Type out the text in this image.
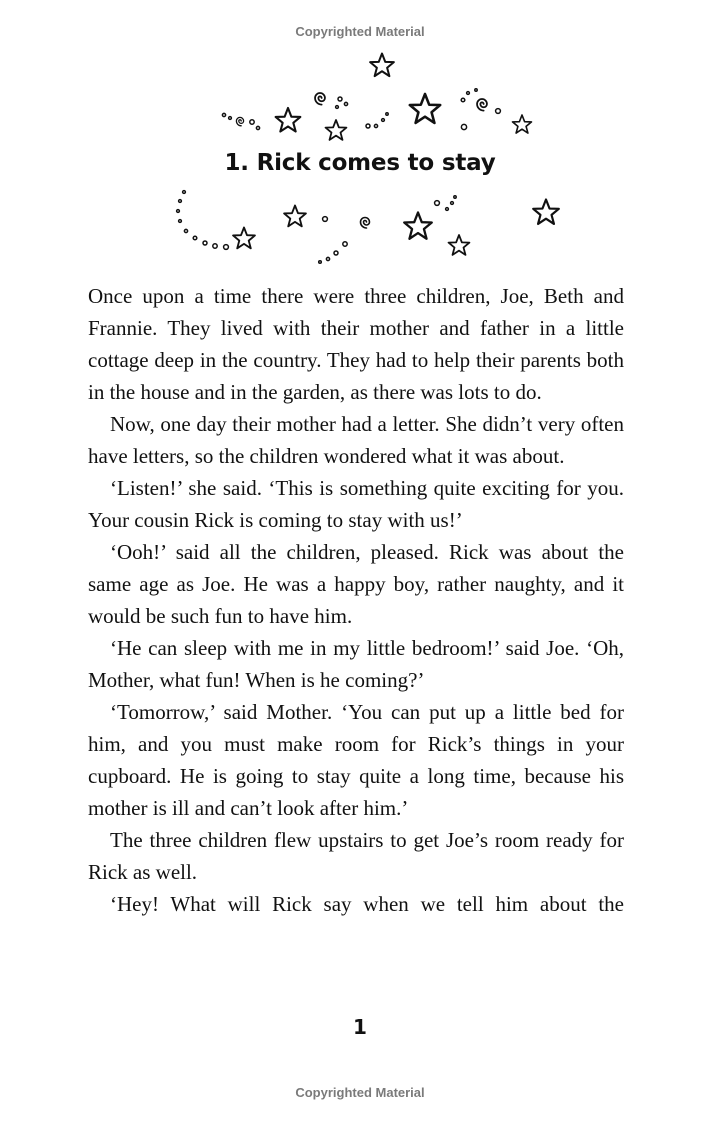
Copyrighted Material
1. Rick comes to stay

Once upon a time there were three children, Joe, Beth and Frannie. They lived with their mother and father in a little cottage deep in the country. They had to help their parents both in the house and in the garden, as there was lots to do.

Now, one day their mother had a letter. She didn’t very often have letters, so the children wondered what it was about.

‘Listen!’ she said. ‘This is something quite exciting for you. Your cousin Rick is coming to stay with us!’

‘Ooh!’ said all the children, pleased. Rick was about the same age as Joe. He was a happy boy, rather naughty, and it would be such fun to have him.

‘He can sleep with me in my little bedroom!’ said Joe. ‘Oh, Mother, what fun! When is he coming?’

‘Tomorrow,’ said Mother. ‘You can put up a little bed for him, and you must make room for Rick’s things in your cupboard. He is going to stay quite a long time, because his mother is ill and can’t look after him.’

The three children flew upstairs to get Joe’s room ready for Rick as well.

‘Hey! What will Rick say when we tell him about the

1
Copyrighted Material
